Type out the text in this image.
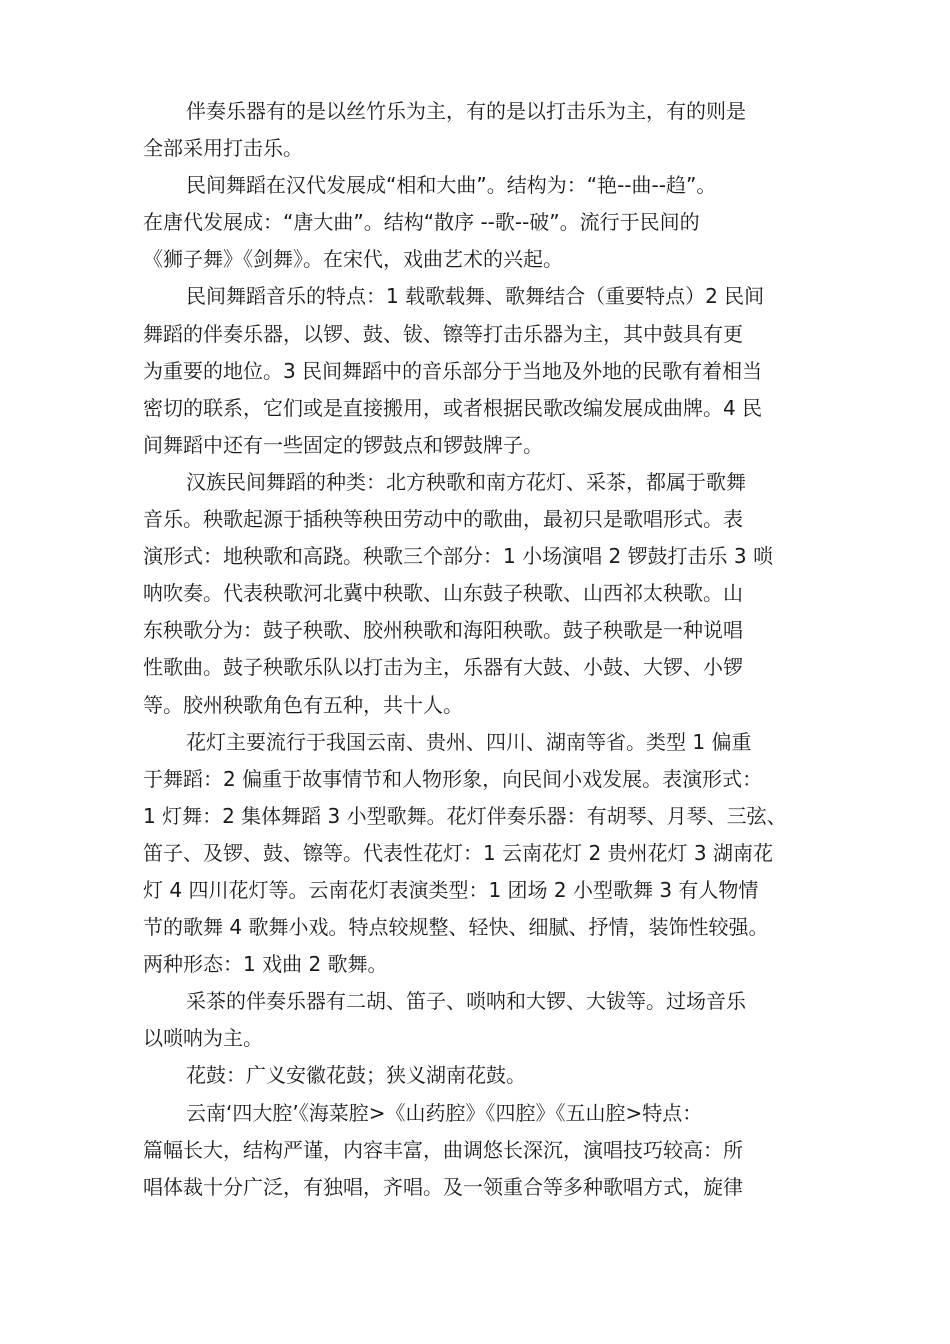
伴奏乐器有的是以丝竹乐为主，有的是以打击乐为主，有的则是
全部采用打击乐。
民间舞蹈在汉代发展成“相和大曲”。结构为：“艳--曲--趋”。
在唐代发展成：“唐大曲”。结构“散序 --歌--破”。流行于民间的
《狮子舞》《剑舞》。在宋代，戏曲艺术的兴起。
民间舞蹈音乐的特点：1 载歌载舞、歌舞结合（重要特点）2 民间
舞蹈的伴奏乐器，以锣、鼓、钹、镲等打击乐器为主，其中鼓具有更
为重要的地位。3 民间舞蹈中的音乐部分于当地及外地的民歌有着相当
密切的联系，它们或是直接搬用，或者根据民歌改编发展成曲牌。4 民
间舞蹈中还有一些固定的锣鼓点和锣鼓牌子。
汉族民间舞蹈的种类：北方秧歌和南方花灯、采茶，都属于歌舞
音乐。秧歌起源于插秧等秧田劳动中的歌曲，最初只是歌唱形式。表
演形式：地秧歌和高跷。秧歌三个部分：1 小场演唱 2 锣鼓打击乐 3 唢
呐吹奏。代表秧歌河北冀中秧歌、山东鼓子秧歌、山西祁太秧歌。山
东秧歌分为：鼓子秧歌、胶州秧歌和海阳秧歌。鼓子秧歌是一种说唱
性歌曲。鼓子秧歌乐队以打击为主，乐器有大鼓、小鼓、大锣、小锣
等。胶州秧歌角色有五种，共十人。
花灯主要流行于我国云南、贵州、四川、湖南等省。类型 1 偏重
于舞蹈：2 偏重于故事情节和人物形象，向民间小戏发展。表演形式：
1 灯舞：2 集体舞蹈 3 小型歌舞。花灯伴奏乐器：有胡琴、月琴、三弦、
笛子、及锣、鼓、镲等。代表性花灯：1 云南花灯 2 贵州花灯 3 湖南花
灯 4 四川花灯等。云南花灯表演类型：1 团场 2 小型歌舞 3 有人物情
节的歌舞 4 歌舞小戏。特点较规整、轻快、细腻、抒情，装饰性较强。
两种形态：1 戏曲 2 歌舞。
采茶的伴奏乐器有二胡、笛子、唢呐和大锣、大钹等。过场音乐
以唢呐为主。
花鼓：广义安徽花鼓；狭义湖南花鼓。
云南‘四大腔’《海菜腔>《山药腔》《四腔》《五山腔>特点：
篇幅长大，结构严谨，内容丰富，曲调悠长深沉，演唱技巧较高：所
唱体裁十分广泛，有独唱，齐唱。及一领重合等多种歌唱方式，旋律
